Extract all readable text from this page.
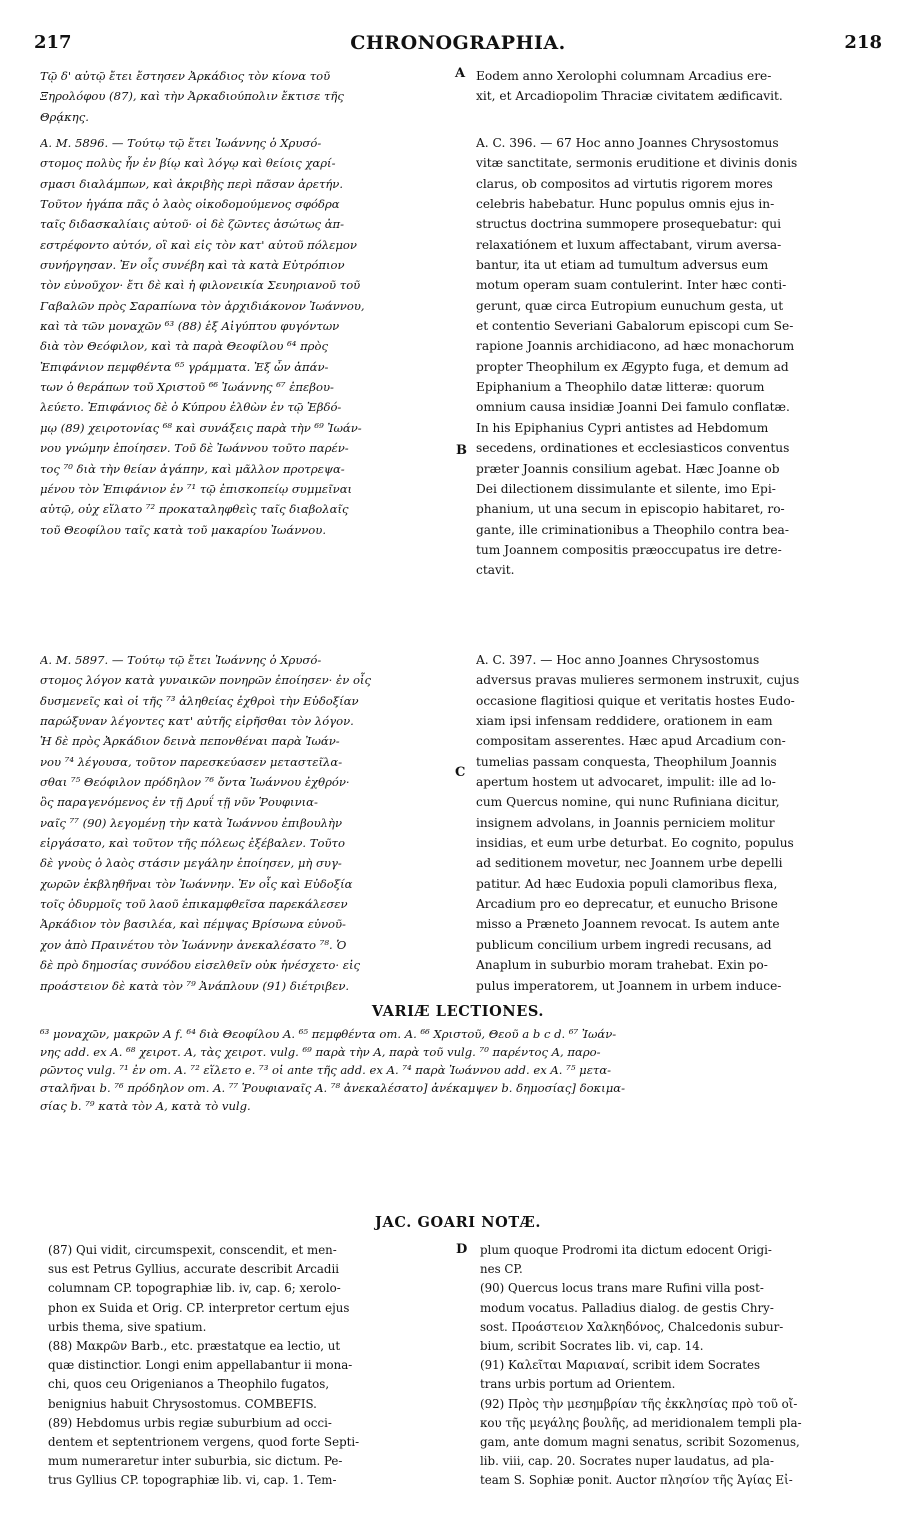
217	CHRONOGRAPHIA.	218
A
B
C
D
Τῷ δ' αὐτῷ ἔτει ἔστησεν Ἀρκάδιος τὸν κίονα τοῦ
Ξηρολόφου (87), καὶ τὴν Ἀρκαδιούπολιν ἔκτισε τῆς
Θρᾴκης.
Α. Μ. 5896. — Τούτῳ τῷ ἔτει Ἰωάννης ὁ Χρυσό-
στομος πολὺς ἦν ἐν βίῳ καὶ λόγῳ καὶ θείοις χαρί-
σμασι διαλάμπων, καὶ ἀκριβὴς περὶ πᾶσαν ἀρετήν.
Τοῦτον ἠγάπα πᾶς ὁ λαὸς οἰκοδομούμενος σφόδρα
ταῖς διδασκαλίαις αὐτοῦ· οἱ δὲ ζῶντες ἀσώτως ἀπ-
εστρέφοντο αὐτόν, οἳ καὶ εἰς τὸν κατ' αὐτοῦ πόλεμον
συνήργησαν. Ἐν οἷς συνέβη καὶ τὰ κατὰ Εὐτρόπιον
τὸν εὐνοῦχον· ἔτι δὲ καὶ ἡ φιλονεικία Σευηριανοῦ τοῦ
Γαβαλῶν πρὸς Σαραπίωνα τὸν ἀρχιδιάκονον Ἰωάννου,
καὶ τὰ τῶν μοναχῶν ⁶³ (88) ἐξ Αἰγύπτου φυγόντων
διὰ τὸν Θεόφιλον, καὶ τὰ παρὰ Θεοφίλου ⁶⁴ πρὸς
Ἐπιφάνιον πεμφθέντα ⁶⁵ γράμματα. Ἐξ ὧν ἁπάν-
των ὁ θεράπων τοῦ Χριστοῦ ⁶⁶ Ἰωάννης ⁶⁷ ἐπεβου-
λεύετο. Ἐπιφάνιος δὲ ὁ Κύπρου ἐλθὼν ἐν τῷ Ἑβδό-
μῳ (89) χειροτονίας ⁶⁸ καὶ συνάξεις παρὰ τὴν ⁶⁹ Ἰωάν-
νου γνώμην ἐποίησεν. Τοῦ δὲ Ἰωάννου τοῦτο παρέν-
τος ⁷⁰ διὰ τὴν θείαν ἀγάπην, καὶ μᾶλλον προτρεψα-
μένου τὸν Ἐπιφάνιον ἐν ⁷¹ τῷ ἐπισκοπείῳ συμμεῖναι
αὐτῷ, οὐχ εἵλατο ⁷² προκαταληφθεὶς ταῖς διαβολαῖς
τοῦ Θεοφίλου ταῖς κατὰ τοῦ μακαρίου Ἰωάννου.
Α. Μ. 5897. — Τούτῳ τῷ ἔτει Ἰωάννης ὁ Χρυσό-
στομος λόγον κατὰ γυναικῶν πονηρῶν ἐποίησεν· ἐν οἷς
δυσμενεῖς καὶ οἱ τῆς ⁷³ ἀληθείας ἐχθροὶ τὴν Εὐδοξίαν
παρώξυναν λέγοντες κατ' αὐτῆς εἰρῆσθαι τὸν λόγον.
Ἡ δὲ πρὸς Ἀρκάδιον δεινὰ πεπονθέναι παρὰ Ἰωάν-
νου ⁷⁴ λέγουσα, τοῦτον παρεσκεύασεν μεταστεῖλα-
σθαι ⁷⁵ Θεόφιλον πρόδηλον ⁷⁶ ὄντα Ἰωάννου ἐχθρόν·
ὃς παραγενόμενος ἐν τῇ Δρυΐ τῇ νῦν Ῥουφινια-
ναῖς ⁷⁷ (90) λεγομένῃ τὴν κατὰ Ἰωάννου ἐπιβουλὴν
εἰργάσατο, καὶ τοῦτον τῆς πόλεως ἐξέβαλεν. Τοῦτο
δὲ γνοὺς ὁ λαὸς στάσιν μεγάλην ἐποίησεν, μὴ συγ-
χωρῶν ἐκβληθῆναι τὸν Ἰωάννην. Ἐν οἷς καὶ Εὐδοξία
τοῖς ὀδυρμοῖς τοῦ λαοῦ ἐπικαμφθεῖσα παρεκάλεσεν
Ἀρκάδιον τὸν βασιλέα, καὶ πέμψας Βρίσωνα εὐνοῦ-
χον ἀπὸ Πραινέτου τὸν Ἰωάννην ἀνεκαλέσατο ⁷⁸. Ὁ
δὲ πρὸ δημοσίας συνόδου εἰσελθεῖν οὐκ ἠνέσχετο· εἰς
προάστειον δὲ κατὰ τὸν ⁷⁹ Ἀνάπλουν (91) διέτριβεν.
Eodem anno Xerolophi columnam Arcadius ere-
xit, et Arcadiopolim Thraciæ civitatem ædificavit.
A. C. 396. — 67 Hoc anno Joannes Chrysostomus
vitæ sanctitate, sermonis eruditione et divinis donis
clarus, ob compositos ad virtutis rigorem mores
celebris habebatur. Hunc populus omnis ejus in-
structus doctrina summopere prosequebatur: qui
relaxatiónem et luxum affectabant, virum aversa-
bantur, ita ut etiam ad tumultum adversus eum
motum operam suam contulerint. Inter hæc conti-
gerunt, quæ circa Eutropium eunuchum gesta, ut
et contentio Severiani Gabalorum episcopi cum Se-
rapione Joannis archidiacono, ad hæc monachorum
propter Theophilum ex Ægypto fuga, et demum ad
Epiphanium a Theophilo datæ litteræ: quorum
omnium causa insidiæ Joanni Dei famulo conflatæ.
In his Epiphanius Cypri antistes ad Hebdomum
secedens, ordinationes et ecclesiasticos conventus
præter Joannis consilium agebat. Hæc Joanne ob
Dei dilectionem dissimulante et silente, imo Epi-
phanium, ut una secum in episcopio habitaret, ro-
gante, ille criminationibus a Theophilo contra bea-
tum Joannem compositis præoccupatus ire detre-
ctavit.
A. C. 397. — Hoc anno Joannes Chrysostomus
adversus pravas mulieres sermonem instruxit, cujus
occasione flagitiosi quique et veritatis hostes Eudo-
xiam ipsi infensam reddidere, orationem in eam
compositam asserentes. Hæc apud Arcadium con-
tumelias passam conquesta, Theophilum Joannis
apertum hostem ut advocaret, impulit: ille ad lo-
cum Quercus nomine, qui nunc Rufiniana dicitur,
insignem advolans, in Joannis perniciem molitur
insidias, et eum urbe deturbat. Eo cognito, populus
ad seditionem movetur, nec Joannem urbe depelli
patitur. Ad hæc Eudoxia populi clamoribus flexa,
Arcadium pro eo deprecatur, et eunucho Brisone
misso a Præneto Joannem revocat. Is autem ante
publicum concilium urbem ingredi recusans, ad
Anaplum in suburbio moram trahebat. Exin po-
pulus imperatorem, ut Joannem in urbem induce-
VARIÆ LECTIONES.
⁶³ μοναχῶν, μακρῶν A f. ⁶⁴ διὰ Θεοφίλου A. ⁶⁵ πεμφθέντα om. A. ⁶⁶ Χριστοῦ, Θεοῦ a b c d. ⁶⁷ Ἰωάν-
νης add. ex A. ⁶⁸ χειροτ. A, τὰς χειροτ. vulg. ⁶⁹ παρὰ τὴν A, παρὰ τοῦ vulg. ⁷⁰ παρέντος A, παρο-
ρῶντος vulg. ⁷¹ ἐν om. A. ⁷² εἵλετο e. ⁷³ οἱ ante τῆς add. ex A. ⁷⁴ παρὰ Ἰωάννου add. ex A. ⁷⁵ μετα-
σταλῆναι b. ⁷⁶ πρόδηλον om. A. ⁷⁷ Ῥουφιαναῖς A. ⁷⁸ ἀνεκαλέσατο] ἀνέκαμψεν b. δημοσίας] δοκιμα-
σίας b. ⁷⁹ κατὰ τὸν A, κατὰ τὸ vulg.
JAC. GOARI NOTÆ.
(87) Qui vidit, circumspexit, conscendit, et men-
sus est Petrus Gyllius, accurate describit Arcadii
columnam CP. topographiæ lib. iv, cap. 6; xerolo-
phon ex Suida et Orig. CP. interpretor certum ejus
urbis thema, sive spatium.
(88) Μακρῶν Barb., etc. præstatque ea lectio, ut
quæ distinctior. Longi enim appellabantur ii mona-
chi, quos ceu Origenianos a Theophilo fugatos,
benignius habuit Chrysostomus. COMBEFIS.
(89) Hebdomus urbis regiæ suburbium ad occi-
dentem et septentrionem vergens, quod forte Septi-
mum numeraretur inter suburbia, sic dictum. Pe-
trus Gyllius CP. topographiæ lib. vi, cap. 1. Tem-
plum quoque Prodromi ita dictum edocent Origi-
nes CP.
(90) Quercus locus trans mare Rufini villa post-
modum vocatus. Palladius dialog. de gestis Chry-
sost. Προάστειον Χαλκηδόνος, Chalcedonis subur-
bium, scribit Socrates lib. vi, cap. 14.
(91) Καλεῖται Μαριαναί, scribit idem Socrates
trans urbis portum ad Orientem.
(92) Πρὸς τὴν μεσημβρίαν τῆς ἐκκλησίας πρὸ τοῦ οἴ-
κου τῆς μεγάλης βουλῆς, ad meridionalem templi pla-
gam, ante domum magni senatus, scribit Sozomenus,
lib. viii, cap. 20. Socrates nuper laudatus, ad pla-
team S. Sophiæ ponit. Auctor πλησίον τῆς Ἁγίας Εἰ-
